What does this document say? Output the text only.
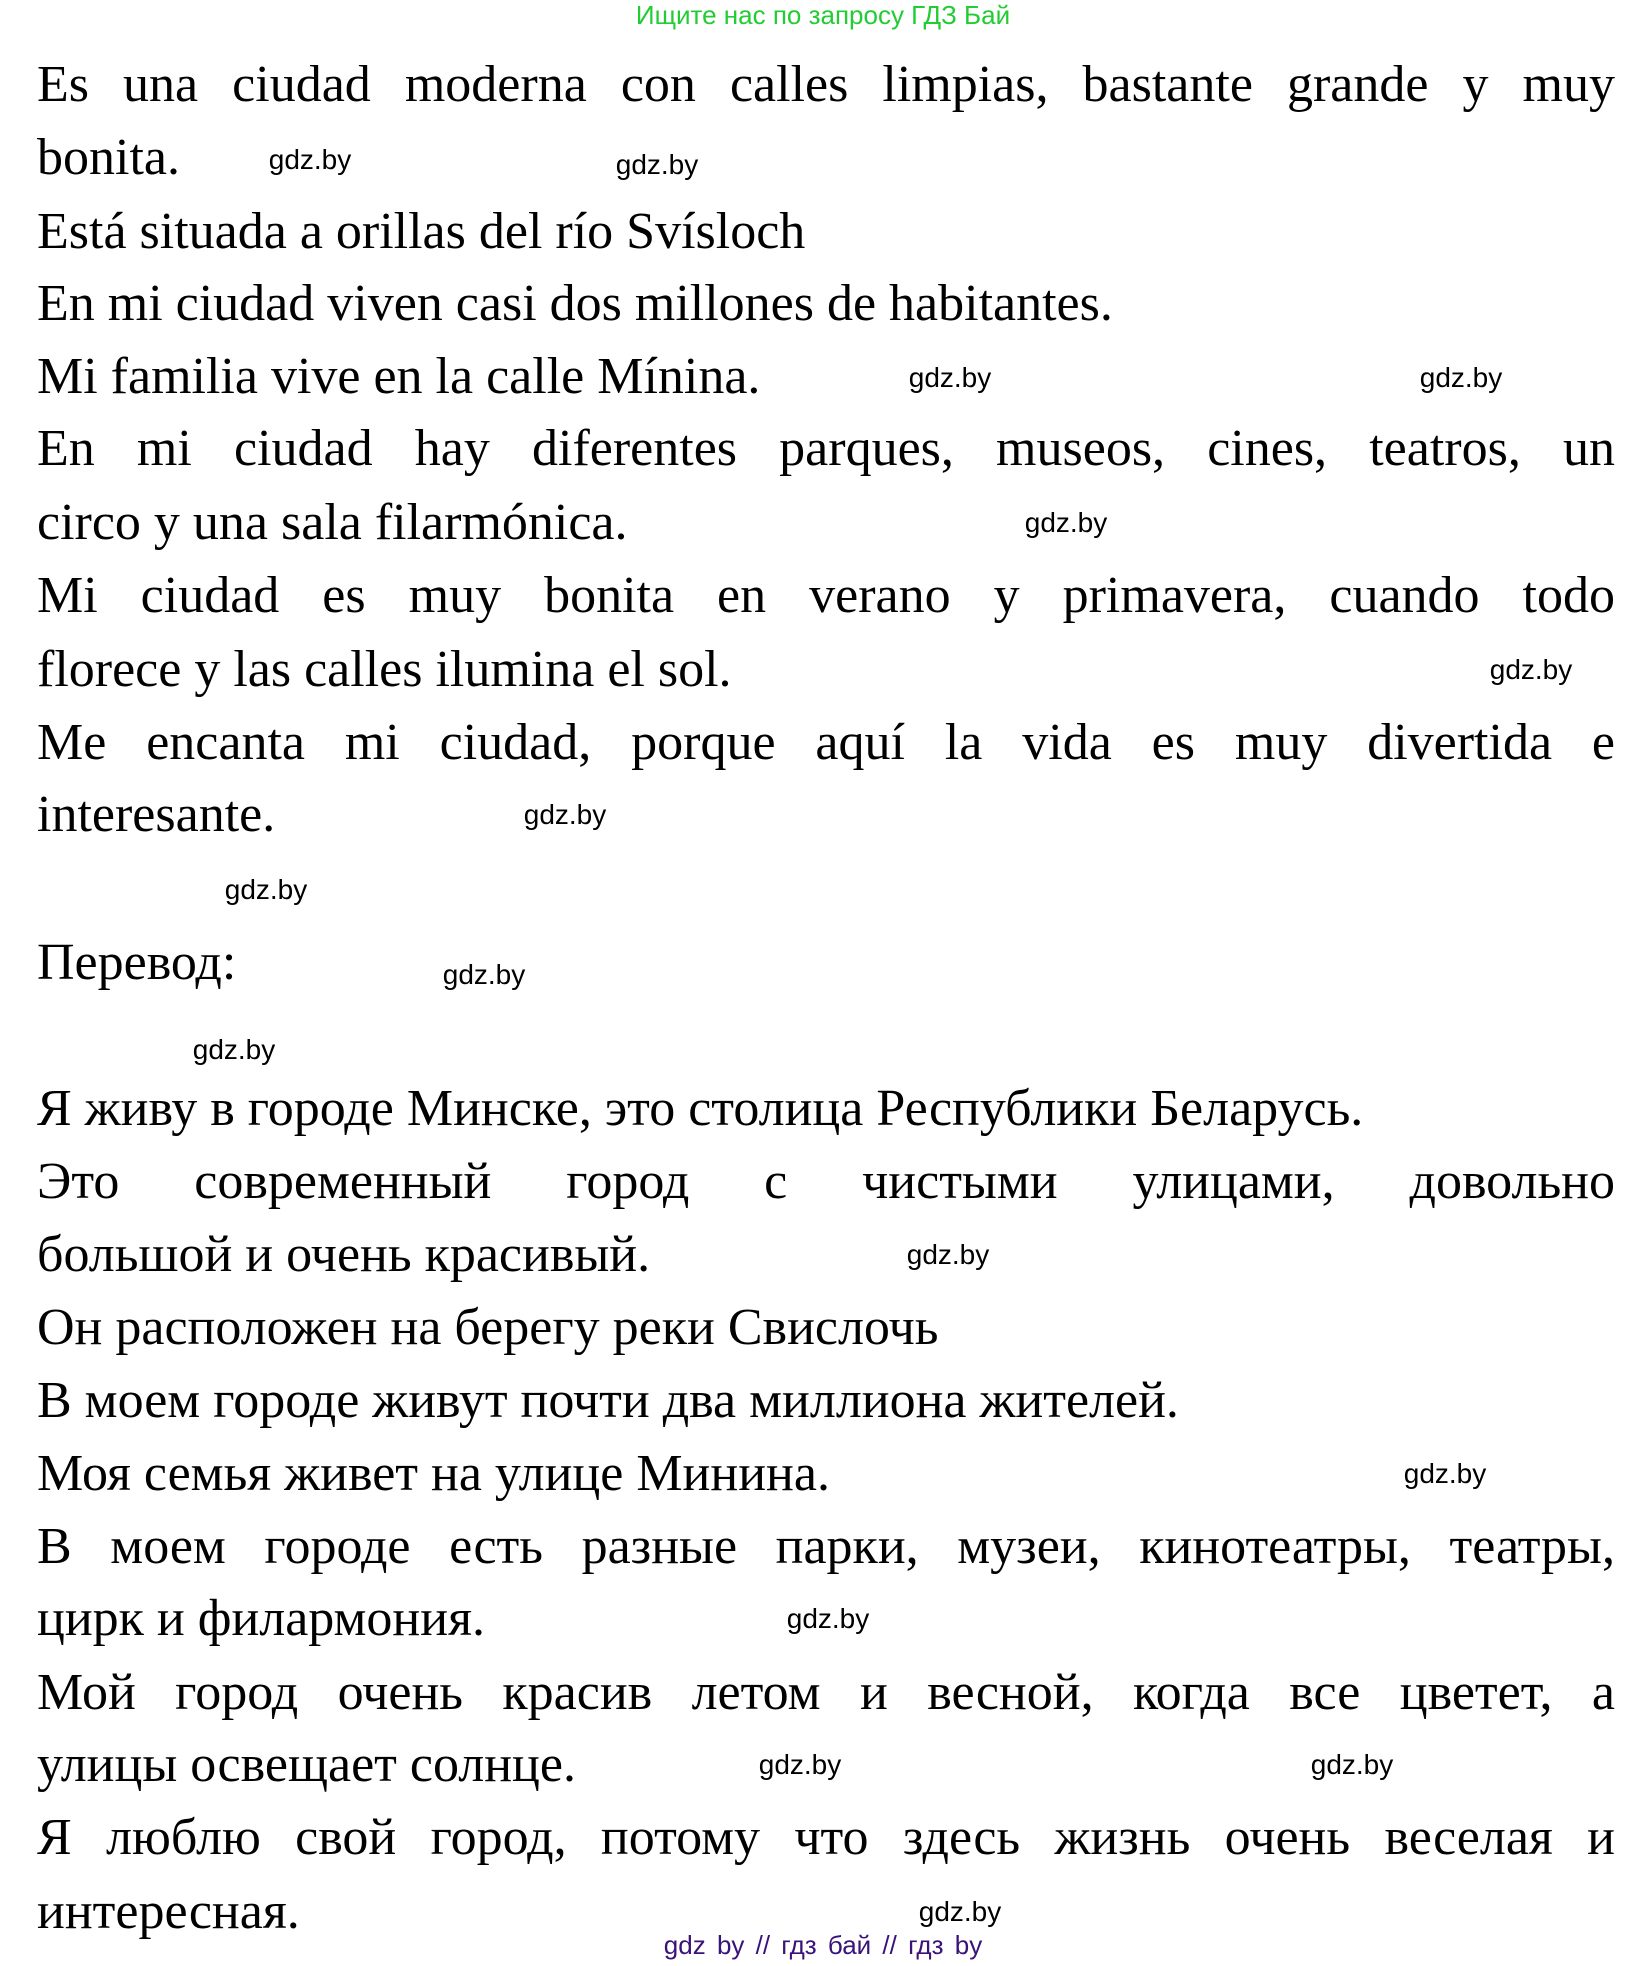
Ищите нас по запросу ГДЗ Бай
Es una ciudad moderna con calles limpias, bastante grande y muy
bonita.
Está situada a orillas del río Svísloch
En mi ciudad viven casi dos millones de habitantes.
Mi familia vive en la calle Mínina.
En mi ciudad hay diferentes parques, museos, cines, teatros, un
circo y una sala filarmónica.
Mi ciudad es muy bonita en verano y primavera, cuando todo
florece y las calles ilumina el sol.
Me encanta mi ciudad, porque aquí la vida es muy divertida e
interesante.
Перевод:
Я живу в городе Минске, это столица Республики Беларусь.
Это современный город с чистыми улицами, довольно
большой и очень красивый.
Он расположен на берегу реки Свислочь
В моем городе живут почти два миллиона жителей.
Моя семья живет на улице Минина.
В моем городе есть разные парки, музеи, кинотеатры, театры,
цирк и филармония.
Мой город очень красив летом и весной, когда все цветет, а
улицы освещает солнце.
Я люблю свой город, потому что здесь жизнь очень веселая и
интересная.
gdz.by	gdz.by
gdz.by	gdz.by
gdz.by
gdz.by
gdz.by
gdz.by
gdz.by
gdz.by
gdz.by
gdz.by
gdz.by
gdz.by	gdz.by
gdz.by
gdz by // гдз бай // гдз by
